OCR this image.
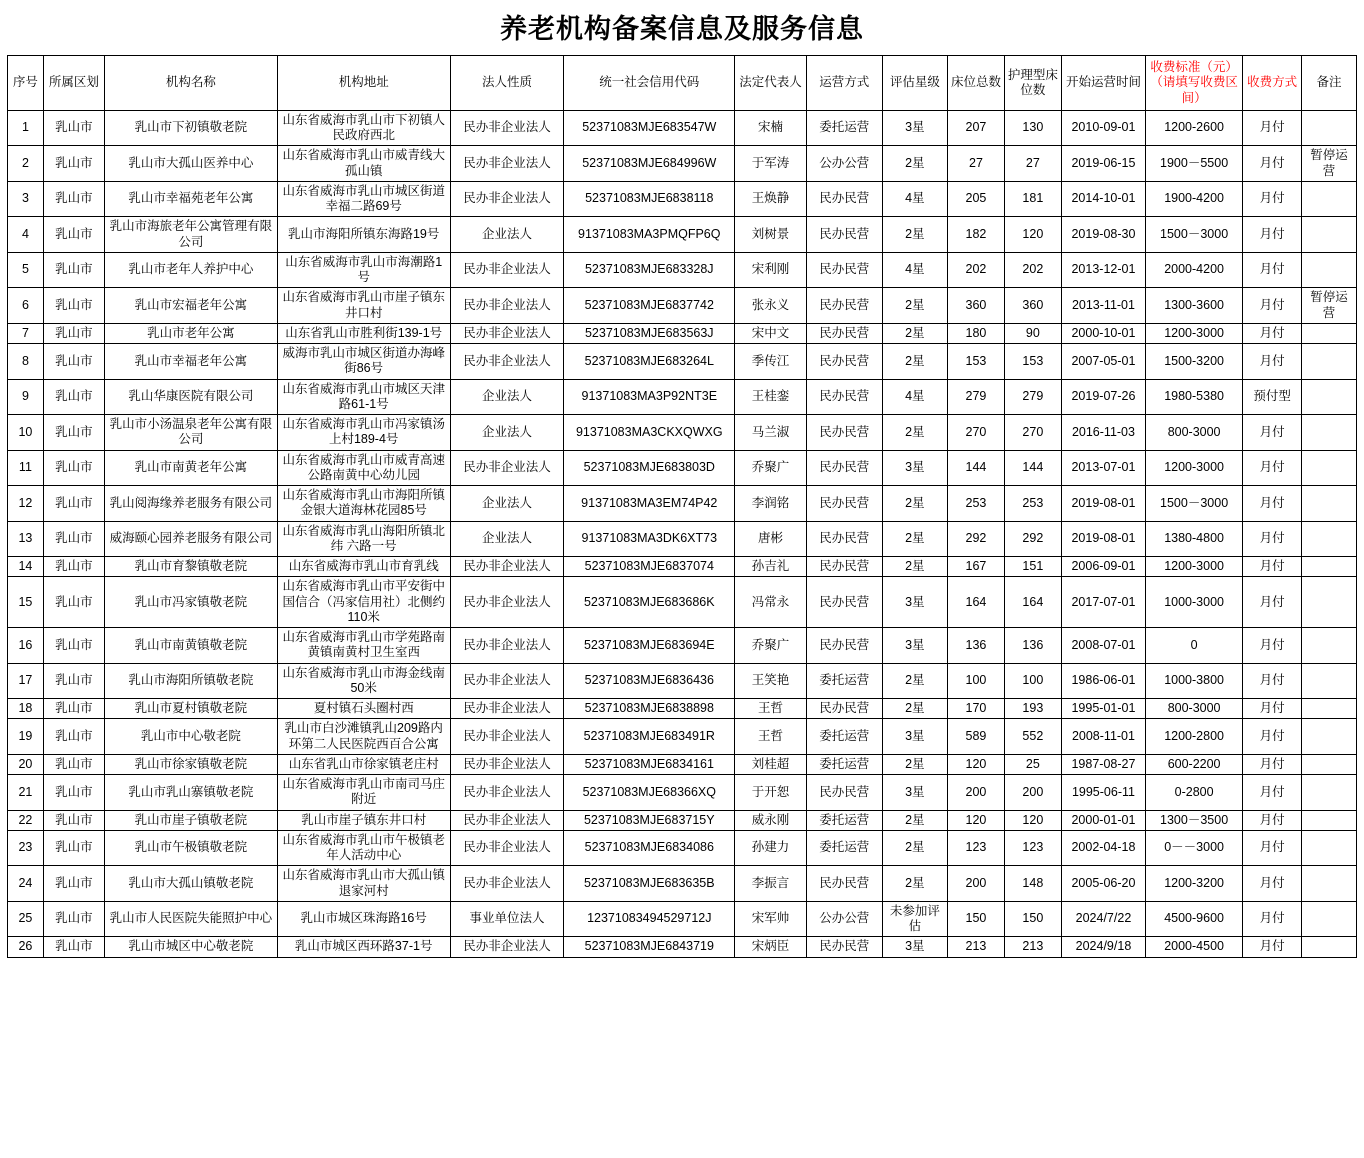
养老机构备案信息及服务信息
序号	所属区划	机构名称	机构地址	法人性质	统一社会信用代码	法定代表人	运营方式	评估星级	床位总数	护理型床位数	开始运营时间	收费标准（元）（请填写收费区间）	收费方式	备注
1	乳山市	乳山市下初镇敬老院	山东省威海市乳山市下初镇人民政府西北	民办非企业法人	52371083MJE683547W	宋楠	委托运营	3星	207	130	2010-09-01	1200-2600	月付	
2	乳山市	乳山市大孤山医养中心	山东省威海市乳山市威青线大孤山镇	民办非企业法人	52371083MJE684996W	于军涛	公办公营	2星	27	27	2019-06-15	1900－5500	月付	暂停运营
3	乳山市	乳山市幸福苑老年公寓	山东省威海市乳山市城区街道幸福二路69号	民办非企业法人	52371083MJE6838118	王焕静	民办民营	4星	205	181	2014-10-01	1900-4200	月付	
4	乳山市	乳山市海旅老年公寓管理有限公司	乳山市海阳所镇东海路19号	企业法人	91371083MA3PMQFP6Q	刘树景	民办民营	2星	182	120	2019-08-30	1500－3000	月付	
5	乳山市	乳山市老年人养护中心	山东省威海市乳山市海潮路1号	民办非企业法人	52371083MJE683328J	宋利刚	民办民营	4星	202	202	2013-12-01	2000-4200	月付	
6	乳山市	乳山市宏福老年公寓	山东省威海市乳山市崖子镇东井口村	民办非企业法人	52371083MJE6837742	张永义	民办民营	2星	360	360	2013-11-01	1300-3600	月付	暂停运营
7	乳山市	乳山市老年公寓	山东省乳山市胜利街139-1号	民办非企业法人	52371083MJE683563J	宋中文	民办民营	2星	180	90	2000-10-01	1200-3000	月付	
8	乳山市	乳山市幸福老年公寓	威海市乳山市城区街道办海峰街86号	民办非企业法人	52371083MJE683264L	季传江	民办民营	2星	153	153	2007-05-01	1500-3200	月付	
9	乳山市	乳山华康医院有限公司	山东省威海市乳山市城区天津路61-1号	企业法人	91371083MA3P92NT3E	王桂銮	民办民营	4星	279	279	2019-07-26	1980-5380	预付型	
10	乳山市	乳山市小汤温泉老年公寓有限公司	山东省威海市乳山市冯家镇汤上村189-4号	企业法人	91371083MA3CKXQWXG	马兰淑	民办民营	2星	270	270	2016-11-03	800-3000	月付	
11	乳山市	乳山市南黄老年公寓	山东省威海市乳山市威青高速公路南黄中心幼儿园	民办非企业法人	52371083MJE683803D	乔聚广	民办民营	3星	144	144	2013-07-01	1200-3000	月付	
12	乳山市	乳山阅海缘养老服务有限公司	山东省威海市乳山市海阳所镇金银大道海林花园85号	企业法人	91371083MA3EM74P42	李润铭	民办民营	2星	253	253	2019-08-01	1500－3000	月付	
13	乳山市	威海颐心园养老服务有限公司	山东省威海市乳山海阳所镇北纬 六路一号	企业法人	91371083MA3DK6XT73	唐彬	民办民营	2星	292	292	2019-08-01	1380-4800	月付	
14	乳山市	乳山市育黎镇敬老院	山东省威海市乳山市育乳线	民办非企业法人	52371083MJE6837074	孙吉礼	民办民营	2星	167	151	2006-09-01	1200-3000	月付	
15	乳山市	乳山市冯家镇敬老院	山东省威海市乳山市平安街中国信合（冯家信用社）北侧约110米	民办非企业法人	52371083MJE683686K	冯常永	民办民营	3星	164	164	2017-07-01	1000-3000	月付	
16	乳山市	乳山市南黄镇敬老院	山东省威海市乳山市学苑路南黄镇南黄村卫生室西	民办非企业法人	52371083MJE683694E	乔聚广	民办民营	3星	136	136	2008-07-01	0	月付	
17	乳山市	乳山市海阳所镇敬老院	山东省威海市乳山市海金线南50米	民办非企业法人	52371083MJE6836436	王笑艳	委托运营	2星	100	100	1986-06-01	1000-3800	月付	
18	乳山市	乳山市夏村镇敬老院	夏村镇石头圈村西	民办非企业法人	52371083MJE6838898	王哲	民办民营	2星	170	193	1995-01-01	800-3000	月付	
19	乳山市	乳山市中心敬老院	乳山市白沙滩镇乳山209路内环第二人民医院西百合公寓	民办非企业法人	52371083MJE683491R	王哲	委托运营	3星	589	552	2008-11-01	1200-2800	月付	
20	乳山市	乳山市徐家镇敬老院	山东省乳山市徐家镇老庄村	民办非企业法人	52371083MJE6834161	刘桂超	委托运营	2星	120	25	1987-08-27	600-2200	月付	
21	乳山市	乳山市乳山寨镇敬老院	山东省威海市乳山市南司马庄附近	民办非企业法人	52371083MJE68366XQ	于开恕	民办民营	3星	200	200	1995-06-11	0-2800	月付	
22	乳山市	乳山市崖子镇敬老院	乳山市崖子镇东井口村	民办非企业法人	52371083MJE683715Y	威永刚	委托运营	2星	120	120	2000-01-01	1300－3500	月付	
23	乳山市	乳山市午极镇敬老院	山东省威海市乳山市午极镇老年人活动中心	民办非企业法人	52371083MJE6834086	孙建力	委托运营	2星	123	123	2002-04-18	0－－3000	月付	
24	乳山市	乳山市大孤山镇敬老院	山东省威海市乳山市大孤山镇退家河村	民办非企业法人	52371083MJE683635B	李振言	民办民营	2星	200	148	2005-06-20	1200-3200	月付	
25	乳山市	乳山市人民医院失能照护中心	乳山市城区珠海路16号	事业单位法人	12371083494529712J	宋军帅	公办公营	未参加评估	150	150	2024/7/22	4500-9600	月付	
26	乳山市	乳山市城区中心敬老院	乳山市城区西环路37-1号	民办非企业法人	52371083MJE6843719	宋炳臣	民办民营	3星	213	213	2024/9/18	2000-4500	月付	
